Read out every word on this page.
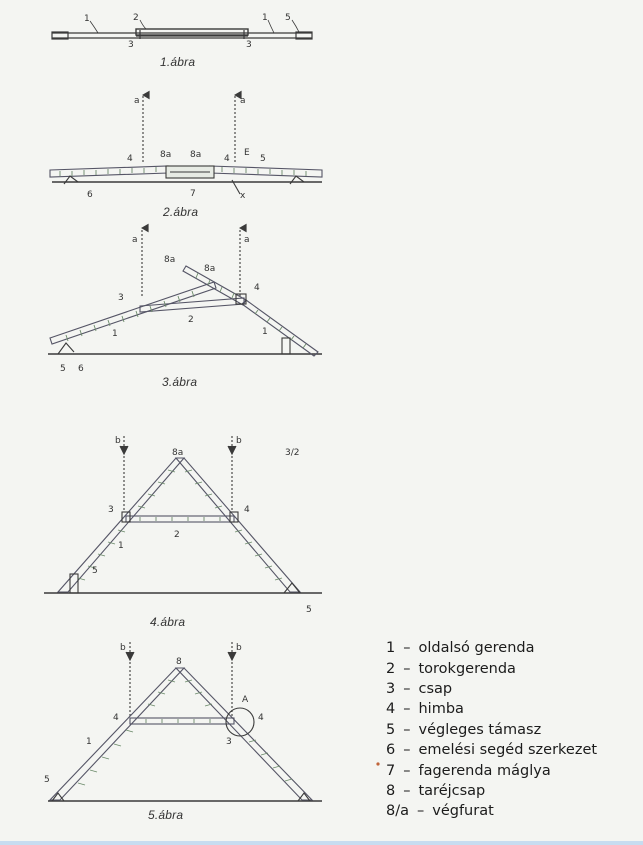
1	2	1 5
3	3
a	a
4	8a 8a	4
E
5
6	7	x
a	a
8a
8a
3
4
2
1	1
5 6
b	b
8a	3/2
3	4
2
1
5
5
b	b
8
4
A
4
1	3
5
1.ábra
2.ábra
3.ábra
4.ábra
5.ábra
1 – oldalsó gerenda
2 – torokgerenda
3 – csap
4 – himba
5 – végleges támasz
6 – emelési segéd szerkezet
7 – fagerenda máglya
8 – taréjcsap
8/a – végfurat
